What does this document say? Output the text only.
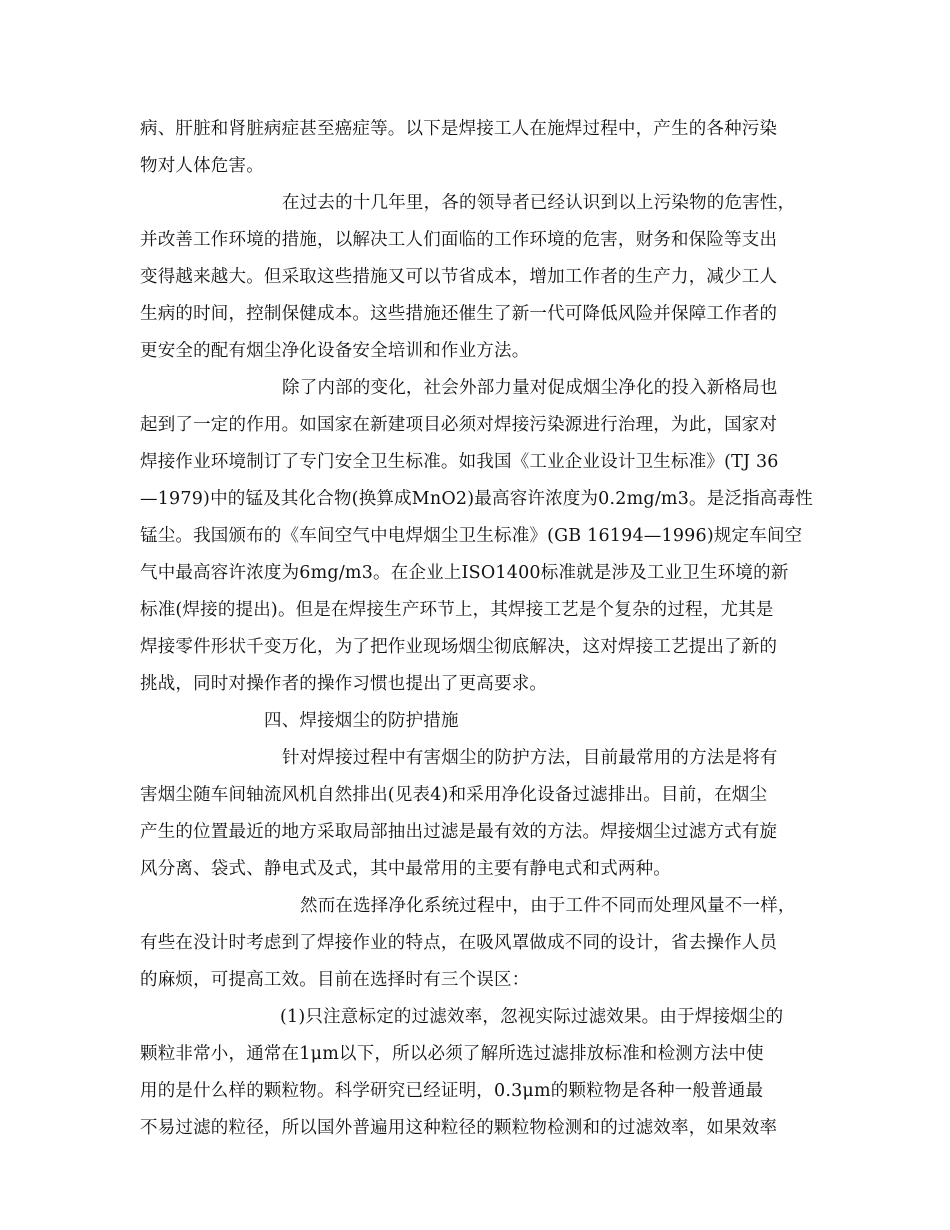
病、肝脏和肾脏病症甚至癌症等。以下是焊接工人在施焊过程中，产生的各种污染
物对人体危害。
在过去的十几年里，各的领导者已经认识到以上污染物的危害性，
并改善工作环境的措施，以解决工人们面临的工作环境的危害，财务和保险等支出
变得越来越大。但采取这些措施又可以节省成本，增加工作者的生产力，减少工人
生病的时间，控制保健成本。这些措施还催生了新一代可降低风险并保障工作者的
更安全的配有烟尘净化设备安全培训和作业方法。
除了内部的变化，社会外部力量对促成烟尘净化的投入新格局也
起到了一定的作用。如国家在新建项目必须对焊接污染源进行治理，为此，国家对
焊接作业环境制订了专门安全卫生标准。如我国《工业企业设计卫生标准》(TJ 36
—1979)中的锰及其化合物(换算成MnO2)最高容许浓度为0.2mg/m3。是泛指高毒性
锰尘。我国颁布的《车间空气中电焊烟尘卫生标准》(GB 16194—1996)规定车间空
气中最高容许浓度为6mg/m3。在企业上ISO1400标准就是涉及工业卫生环境的新
标准(焊接的提出)。但是在焊接生产环节上，其焊接工艺是个复杂的过程，尤其是
焊接零件形状千变万化，为了把作业现场烟尘彻底解决，这对焊接工艺提出了新的
挑战，同时对操作者的操作习惯也提出了更高要求。
四、焊接烟尘的防护措施
针对焊接过程中有害烟尘的防护方法，目前最常用的方法是将有
害烟尘随车间轴流风机自然排出(见表4)和采用净化设备过滤排出。目前，在烟尘
产生的位置最近的地方采取局部抽出过滤是最有效的方法。焊接烟尘过滤方式有旋
风分离、袋式、静电式及式，其中最常用的主要有静电式和式两种。
然而在选择净化系统过程中，由于工件不同而处理风量不一样，
有些在没计时考虑到了焊接作业的特点，在吸风罩做成不同的设计，省去操作人员
的麻烦，可提高工效。目前在选择时有三个误区：
(1)只注意标定的过滤效率，忽视实际过滤效果。由于焊接烟尘的
颗粒非常小，通常在1μm以下，所以必须了解所选过滤排放标准和检测方法中使
用的是什么样的颗粒物。科学研究已经证明，0.3μm的颗粒物是各种一般普通最
不易过滤的粒径，所以国外普遍用这种粒径的颗粒物检测和的过滤效率，如果效率
